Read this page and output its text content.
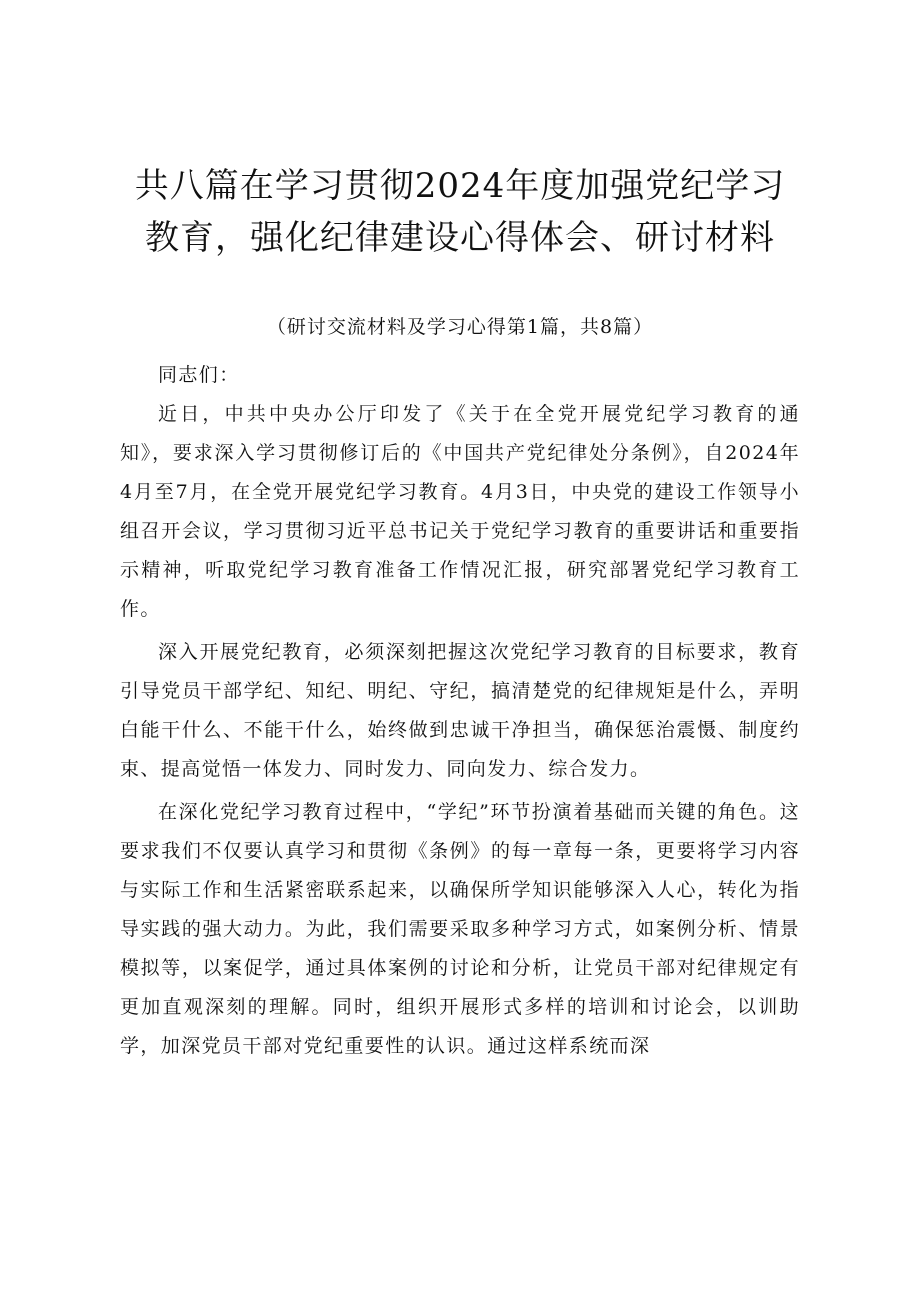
共八篇在学习贯彻2024年度加强党纪学习教育，强化纪律建设心得体会、研讨材料
（研讨交流材料及学习心得第1篇，共8篇）

同志们：

近日，中共中央办公厅印发了《关于在全党开展党纪学习教育的通知》，要求深入学习贯彻修订后的《中国共产党纪律处分条例》，自2024年4月至7月，在全党开展党纪学习教育。4月3日，中央党的建设工作领导小组召开会议，学习贯彻习近平总书记关于党纪学习教育的重要讲话和重要指示精神，听取党纪学习教育准备工作情况汇报，研究部署党纪学习教育工作。

深入开展党纪教育，必须深刻把握这次党纪学习教育的目标要求，教育引导党员干部学纪、知纪、明纪、守纪，搞清楚党的纪律规矩是什么，弄明白能干什么、不能干什么，始终做到忠诚干净担当，确保惩治震慑、制度约束、提高觉悟一体发力、同时发力、同向发力、综合发力。

在深化党纪学习教育过程中，“学纪”环节扮演着基础而关键的角色。这要求我们不仅要认真学习和贯彻《条例》的每一章每一条，更要将学习内容与实际工作和生活紧密联系起来，以确保所学知识能够深入人心，转化为指导实践的强大动力。为此，我们需要采取多种学习方式，如案例分析、情景模拟等，以案促学，通过具体案例的讨论和分析，让党员干部对纪律规定有更加直观深刻的理解。同时，组织开展形式多样的培训和讨论会，以训助学，加深党员干部对党纪重要性的认识。通过这样系统而深
